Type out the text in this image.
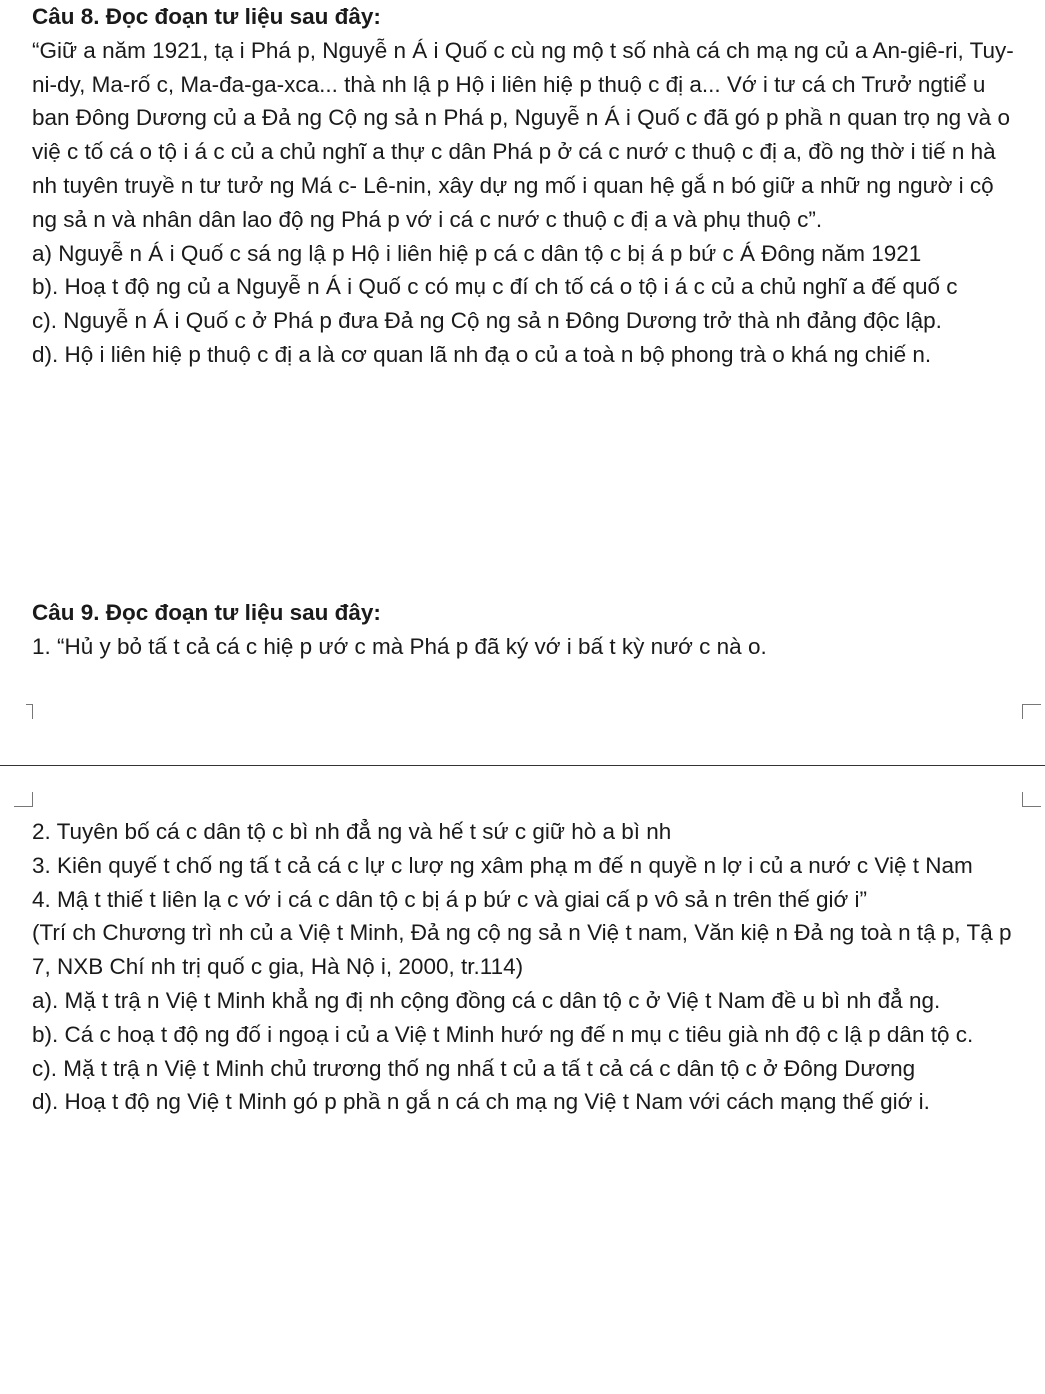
Câu 8. Đọc đoạn tư liệu sau đây:

“Giữ a năm 1921, tạ i Phá p, Nguyễ n Á i Quố c cù ng mộ t số nhà cá ch mạ ng củ a An-giê-ri, Tuy-ni-dy, Ma-rố c, Ma-đa-ga-xca... thà nh lậ p Hộ i liên hiệ p thuộ c đị a... Vớ i tư cá ch Trưở ngtiể u ban Đông Dương củ a Đả ng Cộ ng sả n Phá p, Nguyễ n Á i Quố c đã gó p phầ n quan trọ ng và o việ c tố cá o tộ i á c củ a chủ nghĩ a thự c dân Phá p ở cá c nướ c thuộ c đị a, đồ ng thờ i tiế n hà nh tuyên truyề n tư tưở ng Má c- Lê-nin, xây dự ng mố i quan hệ gắ n bó giữ a nhữ ng ngườ i cộ ng sả n và nhân dân lao độ ng Phá p vớ i cá c nướ c thuộ c đị a và phụ thuộ c”.

a) Nguyễ n Á i Quố c sá ng lậ p Hộ i liên hiệ p cá c dân tộ c bị á p bứ c Á Đông năm 1921

b). Hoạ t độ ng củ a Nguyễ n Á i Quố c có mụ c đí ch tố cá o tộ i á c củ a chủ nghĩ a đế quố c

c). Nguyễ n Á i Quố c ở Phá p đưa Đả ng Cộ ng sả n Đông Dương trở thà nh đảng độc lập.

d). Hộ i liên hiệ p thuộ c đị a là cơ quan lã nh đạ o củ a toà n bộ phong trà o khá ng chiế n.

Câu 9. Đọc đoạn tư liệu sau đây:

1. “Hủ y bỏ tấ t cả cá c hiệ p ướ c mà Phá p đã ký vớ i bấ t kỳ nướ c nà o.

2. Tuyên bố cá c dân tộ c bì nh đẳ ng và hế t sứ c giữ hò a bì nh

3. Kiên quyế t chố ng tấ t cả cá c lự c lượ ng xâm phạ m đế n quyề n lợ i củ a nướ c Việ t Nam

4. Mậ t thiế t liên lạ c vớ i cá c dân tộ c bị á p bứ c và giai cấ p vô sả n trên thế giớ i”

(Trí ch Chương trì nh củ a Việ t Minh, Đả ng cộ ng sả n Việ t nam, Văn kiệ n Đả ng toà n tậ p, Tậ p 7, NXB Chí nh trị quố c gia, Hà Nộ i, 2000, tr.114)

a). Mặ t trậ n Việ t Minh khẳ ng đị nh cộng đồng cá c dân tộ c ở Việ t Nam đề u bì nh đẳ ng.

b). Cá c hoạ t độ ng đố i ngoạ i củ a Việ t Minh hướ ng đế n mụ c tiêu già nh độ c lậ p dân tộ c.

c). Mặ t trậ n Việ t Minh chủ trương thố ng nhấ t củ a tấ t cả cá c dân tộ c ở Đông Dương

d). Hoạ t độ ng Việ t Minh gó p phầ n gắ n cá ch mạ ng Việ t Nam với cách mạng thế giớ i.
